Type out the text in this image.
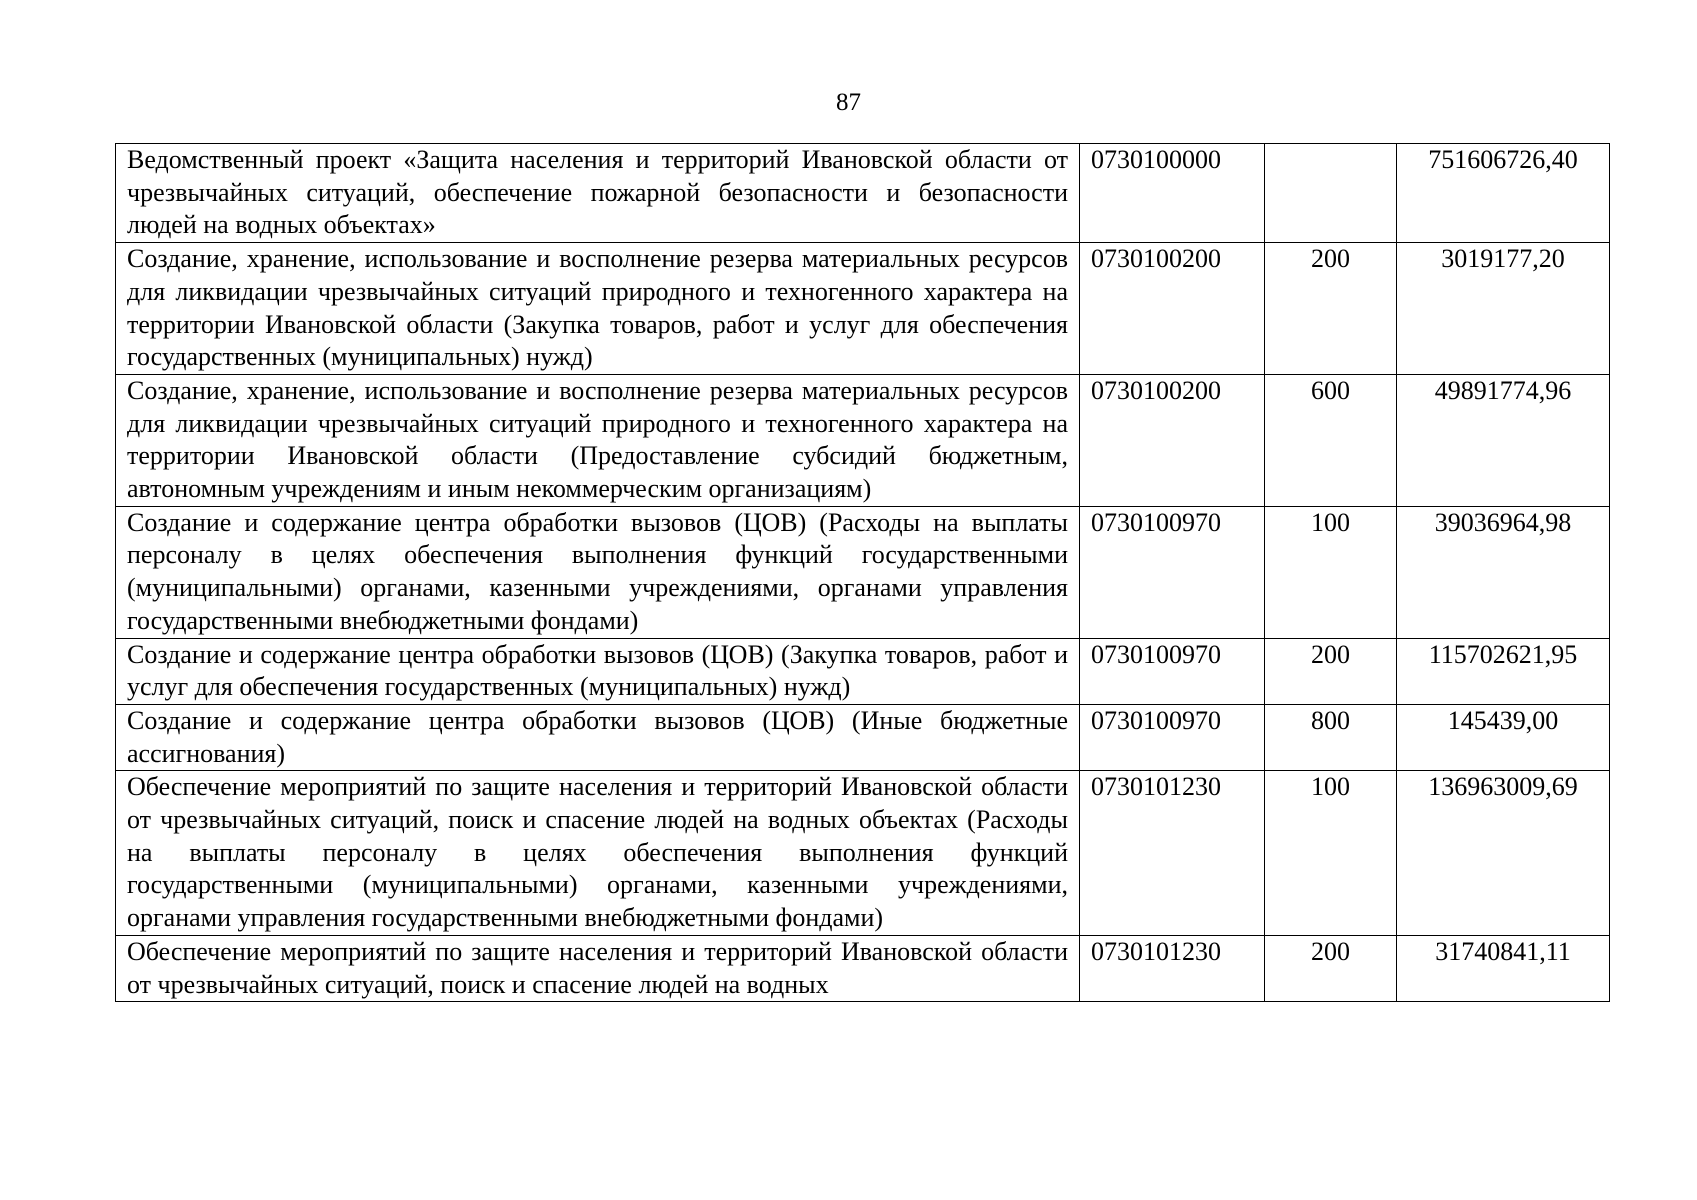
87
Ведомственный проект «Защита населения и территорий Ивановской области от чрезвычайных ситуаций, обеспечение пожарной безопасности и безопасности людей на водных объектах»	0730100000		751606726,40
Создание, хранение, использование и восполнение резерва материальных ресурсов для ликвидации чрезвычайных ситуаций природного и техногенного характера на территории Ивановской области (Закупка товаров, работ и услуг для обеспечения государственных (муниципальных) нужд)	0730100200	200	3019177,20
Создание, хранение, использование и восполнение резерва материальных ресурсов для ликвидации чрезвычайных ситуаций природного и техногенного характера на территории Ивановской области (Предоставление субсидий бюджетным, автономным учреждениям и иным некоммерческим организациям)	0730100200	600	49891774,96
Создание и содержание центра обработки вызовов (ЦОВ) (Расходы на выплаты персоналу в целях обеспечения выполнения функций государственными (муниципальными) органами, казенными учреждениями, органами управления государственными внебюджетными фондами)	0730100970	100	39036964,98
Создание и содержание центра обработки вызовов (ЦОВ) (Закупка товаров, работ и услуг для обеспечения государственных (муниципальных) нужд)	0730100970	200	115702621,95
Создание и содержание центра обработки вызовов (ЦОВ) (Иные бюджетные ассигнования)	0730100970	800	145439,00
Обеспечение мероприятий по защите населения и территорий Ивановской области от чрезвычайных ситуаций, поиск и спасение людей на водных объектах (Расходы на выплаты персоналу в целях обеспечения выполнения функций государственными (муниципальными) органами, казенными учреждениями, органами управления государственными внебюджетными фондами)	0730101230	100	136963009,69
Обеспечение мероприятий по защите населения и территорий Ивановской области от чрезвычайных ситуаций, поиск и спасение людей на водных	0730101230	200	31740841,11
